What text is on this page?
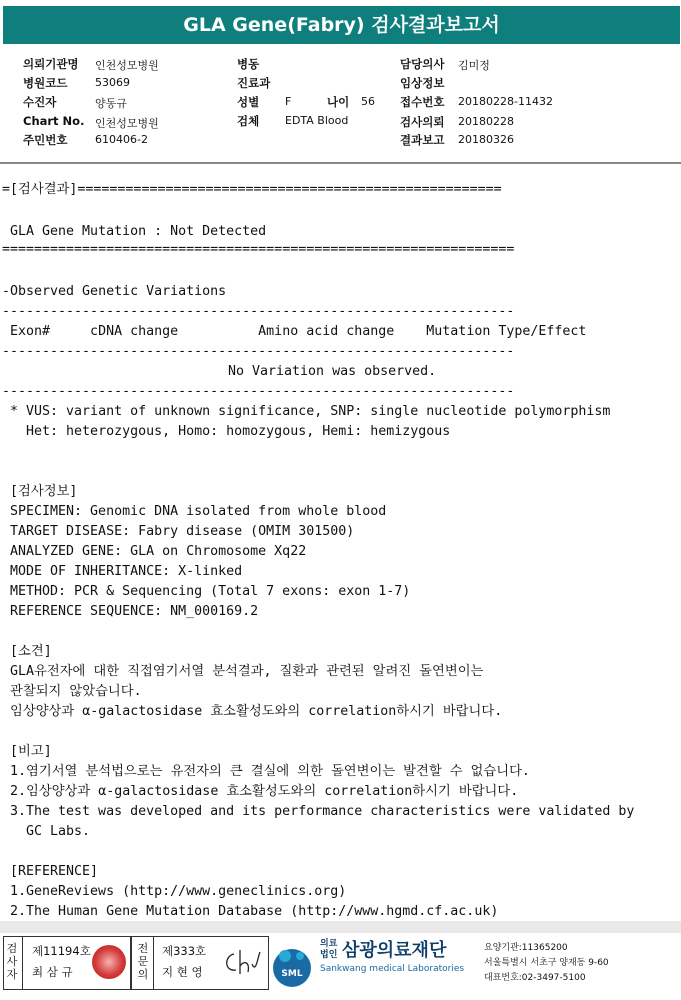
GLA Gene(Fabry) 검사결과보고서
의뢰기관명 인천성모병원
병원코드	53069
수진자	양동규
Chart No. 인천성모병원
주민번호	610406-2
병동
진료과
성별 F	나이 56
검체 EDTA Blood
담당의사 김미정
임상정보
접수번호 20180228-11432
검사의뢰 20180228
결과보고 20180326
=[검사결과]=====================================================
GLA Gene Mutation : Not Detected
================================================================
-Observed Genetic Variations
----------------------------------------------------------------
Exon#     cDNA change          Amino acid change    Mutation Type/Effect
----------------------------------------------------------------
No Variation was observed.
----------------------------------------------------------------
* VUS: variant of unknown significance, SNP: single nucleotide polymorphism
Het: heterozygous, Homo: homozygous, Hemi: hemizygous
[검사정보]
SPECIMEN: Genomic DNA isolated from whole blood
TARGET DISEASE: Fabry disease (OMIM 301500)
ANALYZED GENE: GLA on Chromosome Xq22
MODE OF INHERITANCE: X-linked
METHOD: PCR & Sequencing (Total 7 exons: exon 1-7)
REFERENCE SEQUENCE: NM_000169.2
[소견]
GLA유전자에 대한 직접염기서열 분석결과, 질환과 관련된 알려진 돌연변이는
관찰되지 않았습니다.
임상양상과 α-galactosidase 효소활성도와의 correlation하시기 바랍니다.
[비고]
1.염기서열 분석법으로는 유전자의 큰 결실에 의한 돌연변이는 발견할 수 없습니다.
2.임상양상과 α-galactosidase 효소활성도와의 correlation하시기 바랍니다.
3.The test was developed and its performance characteristics were validated by
GC Labs.
[REFERENCE]
1.GeneReviews (http://www.geneclinics.org)
2.The Human Gene Mutation Database (http://www.hgmd.cf.ac.uk)
검사자
제11194호
최 삼 규
전문의
제333호
지 현 영	SML
의료 법인 삼광의료재단
Sankwang medical Laboratories
요양기관:11365200
서울특별시 서초구 양재동 9-60
대표번호:02-3497-5100
